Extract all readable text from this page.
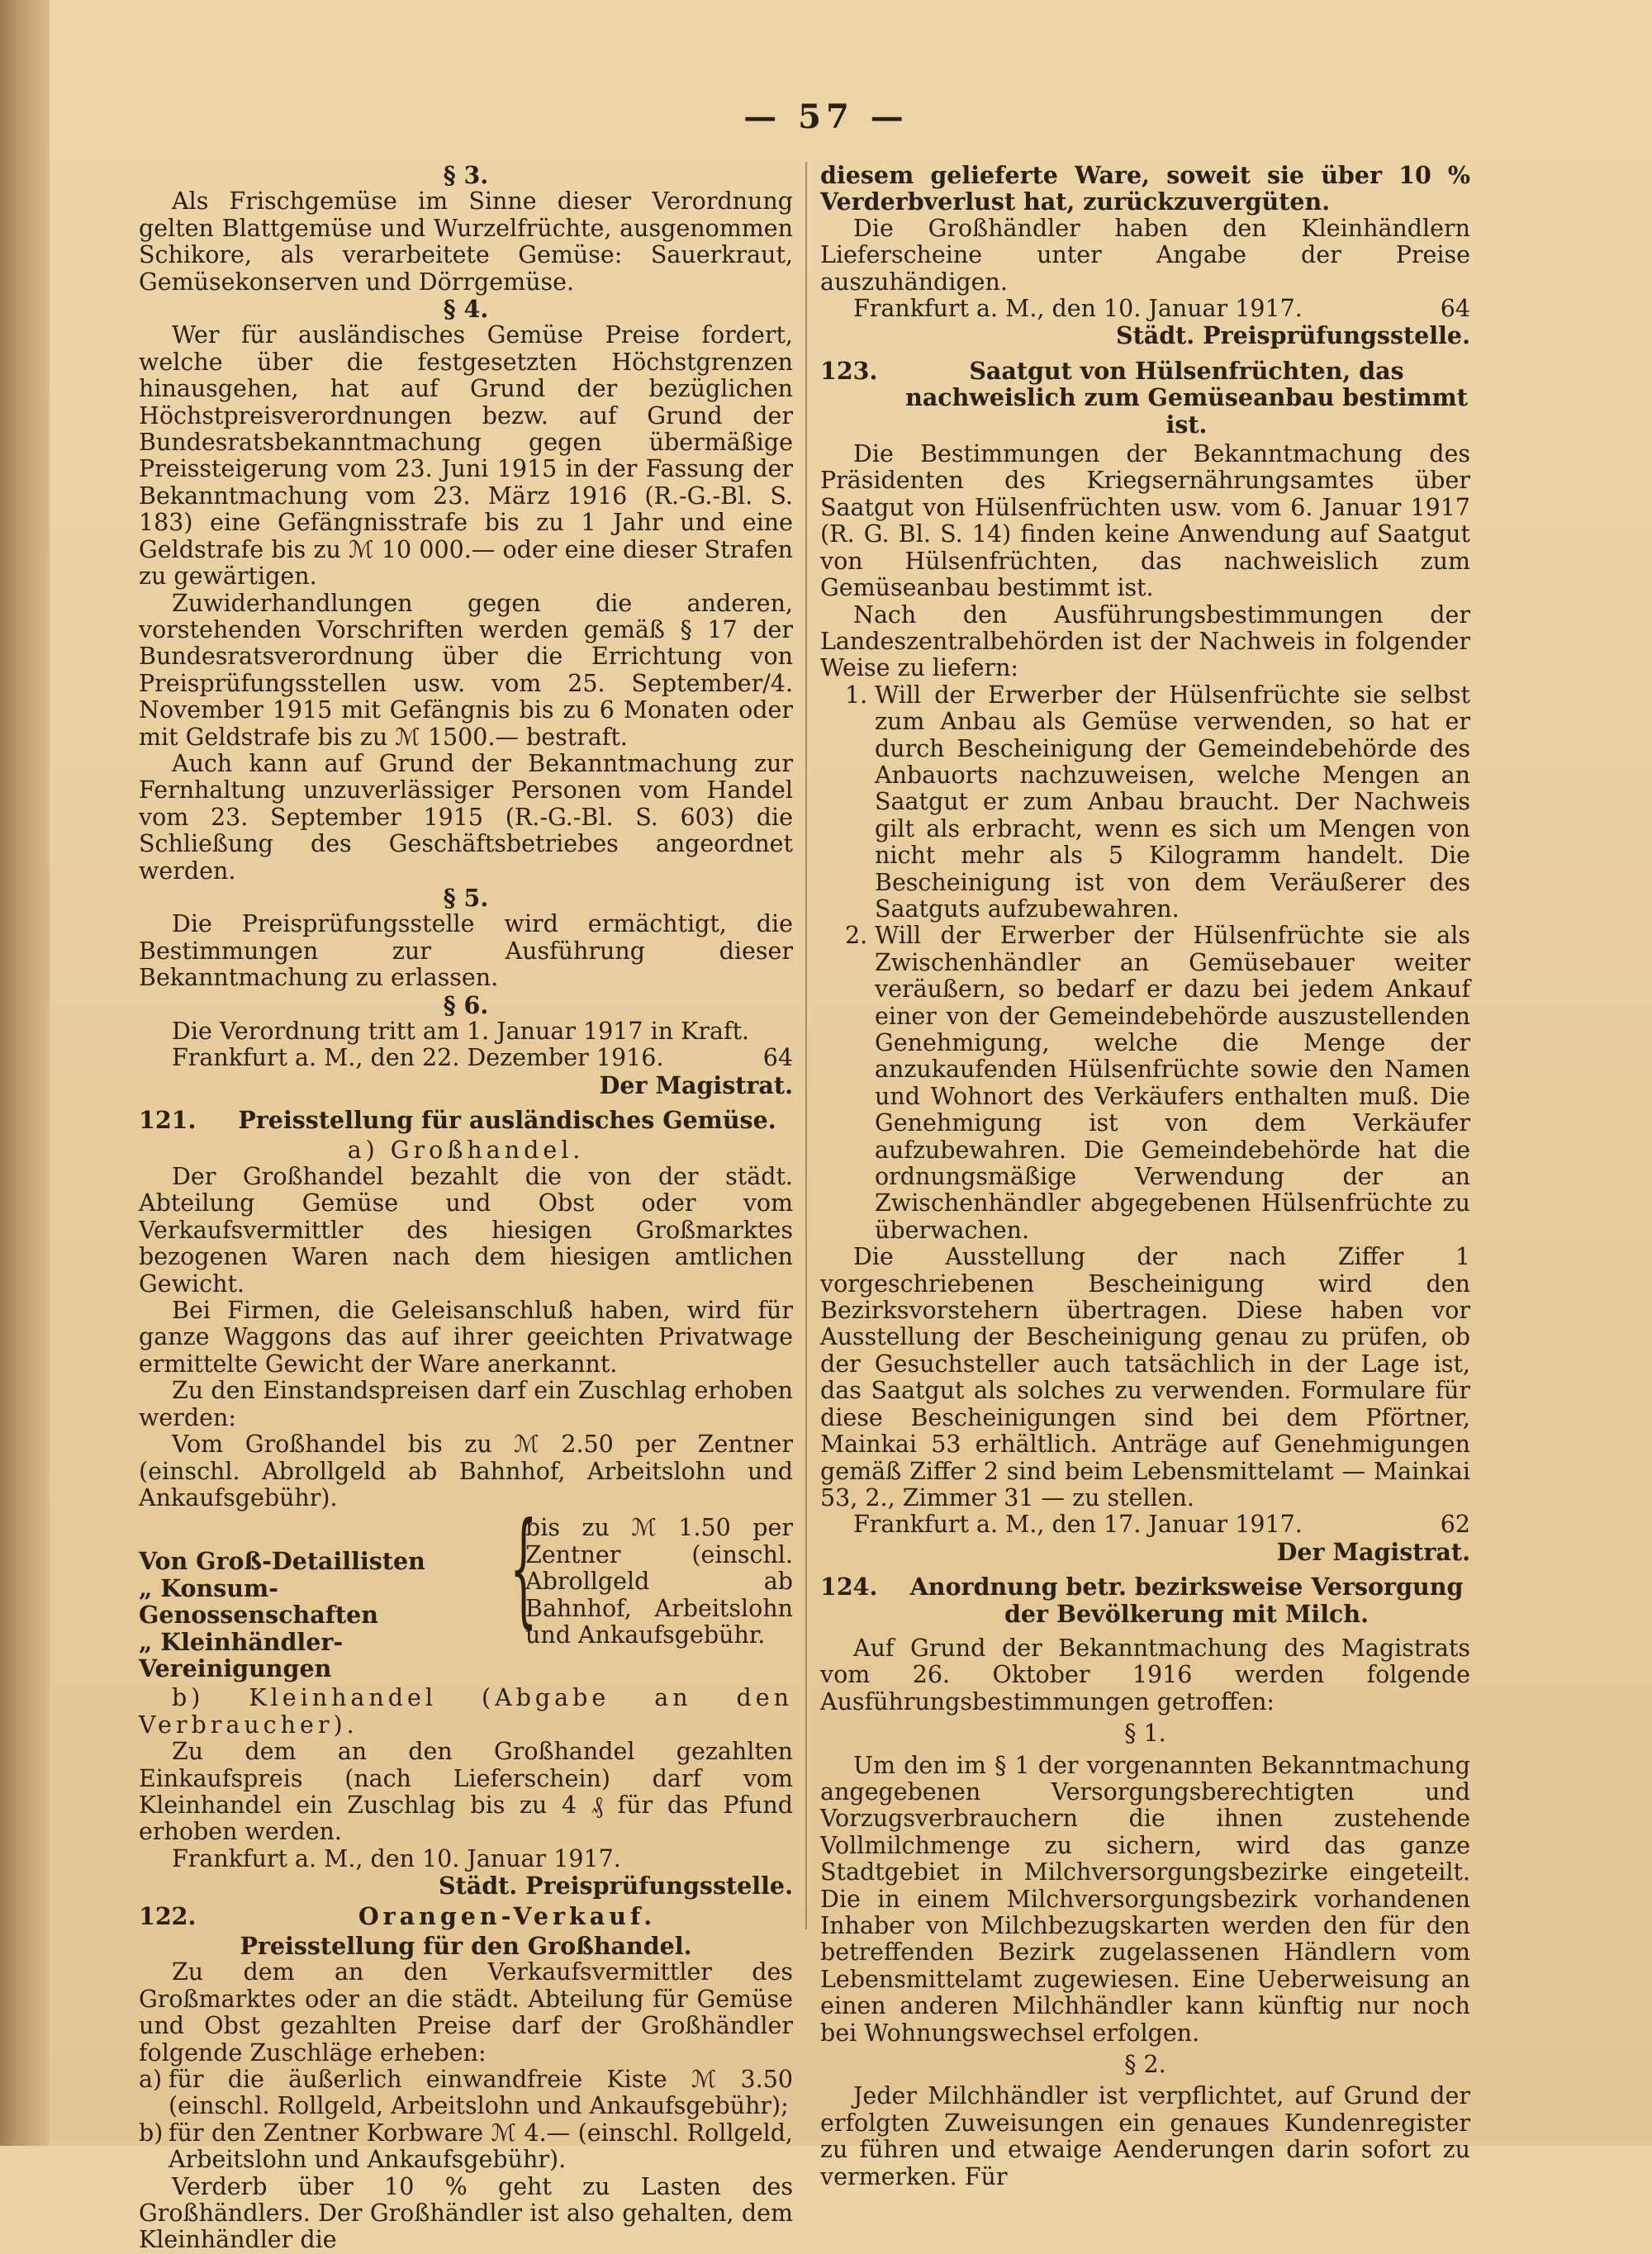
— 57 —

§ 3.

Als Frischgemüse im Sinne dieser Verordnung gelten Blattgemüse und Wurzelfrüchte, ausgenommen Schikore, als verarbeitete Gemüse: Sauerkraut, Gemüsekonserven und Dörrgemüse.

§ 4.

Wer für ausländisches Gemüse Preise fordert, welche über die festgesetzten Höchstgrenzen hinausgehen, hat auf Grund der bezüglichen Höchstpreisverordnungen bezw. auf Grund der Bundesratsbekanntmachung gegen übermäßige Preissteigerung vom 23. Juni 1915 in der Fassung der Bekanntmachung vom 23. März 1916 (R.-G.-Bl. S. 183) eine Gefängnisstrafe bis zu 1 Jahr und eine Geldstrafe bis zu ℳ 10 000.— oder eine dieser Strafen zu gewärtigen.

Zuwiderhandlungen gegen die anderen, vorstehenden Vorschriften werden gemäß § 17 der Bundesratsverordnung über die Errichtung von Preisprüfungsstellen usw. vom 25. September/4. November 1915 mit Gefängnis bis zu 6 Monaten oder mit Geldstrafe bis zu ℳ 1500.— bestraft.

Auch kann auf Grund der Bekanntmachung zur Fernhaltung unzuverlässiger Personen vom Handel vom 23. September 1915 (R.-G.-Bl. S. 603) die Schließung des Geschäftsbetriebes angeordnet werden.

§ 5.

Die Preisprüfungsstelle wird ermächtigt, die Bestimmungen zur Ausführung dieser Bekanntmachung zu erlassen.

§ 6.

Die Verordnung tritt am 1. Januar 1917 in Kraft.

Frankfurt a. M., den 22. Dezember 1916.	64

Der Magistrat.

121.	Preisstellung für ausländisches Gemüse.

a) Großhandel.

Der Großhandel bezahlt die von der städt. Abteilung Gemüse und Obst oder vom Verkaufsvermittler des hiesigen Großmarktes bezogenen Waren nach dem hiesigen amtlichen Gewicht.

Bei Firmen, die Geleisanschluß haben, wird für ganze Waggons das auf ihrer geeichten Privatwage ermittelte Gewicht der Ware anerkannt.

Zu den Einstandspreisen darf ein Zuschlag erhoben werden:

Vom Großhandel bis zu ℳ 2.50 per Zentner (einschl. Abrollgeld ab Bahnhof, Arbeitslohn und Ankaufsgebühr).

Von Groß-Detaillisten
„ Konsum-Genossenschaften
„ Kleinhändler-Vereinigungen
{
bis zu ℳ 1.50 per Zentner (einschl. Abrollgeld ab Bahnhof, Arbeitslohn und Ankaufsgebühr.

b) Kleinhandel (Abgabe an den Verbraucher).

Zu dem an den Großhandel gezahlten Einkaufspreis (nach Lieferschein) darf vom Kleinhandel ein Zuschlag bis zu 4 ₰ für das Pfund erhoben werden.

Frankfurt a. M., den 10. Januar 1917.

Städt. Preisprüfungsstelle.

122.	Orangen-Verkauf.

Preisstellung für den Großhandel.

Zu dem an den Verkaufsvermittler des Großmarktes oder an die städt. Abteilung für Gemüse und Obst gezahlten Preise darf der Großhändler folgende Zuschläge erheben:

a) für die äußerlich einwandfreie Kiste ℳ 3.50 (einschl. Rollgeld, Arbeitslohn und Ankaufsgebühr);
b) für den Zentner Korbware ℳ 4.— (einschl. Rollgeld, Arbeitslohn und Ankaufsgebühr).

Verderb über 10 % geht zu Lasten des Großhändlers. Der Großhändler ist also gehalten, dem Kleinhändler die

diesem gelieferte Ware, soweit sie über 10 % Verderbverlust hat, zurückzuvergüten.

Die Großhändler haben den Kleinhändlern Lieferscheine unter Angabe der Preise auszuhändigen.

Frankfurt a. M., den 10. Januar 1917.	64

Städt. Preisprüfungsstelle.

123.	Saatgut von Hülsenfrüchten, das nachweislich zum Gemüseanbau bestimmt ist.

Die Bestimmungen der Bekanntmachung des Präsidenten des Kriegsernährungsamtes über Saatgut von Hülsenfrüchten usw. vom 6. Januar 1917 (R. G. Bl. S. 14) finden keine Anwendung auf Saatgut von Hülsenfrüchten, das nachweislich zum Gemüseanbau bestimmt ist.

Nach den Ausführungsbestimmungen der Landeszentralbehörden ist der Nachweis in folgender Weise zu liefern:

1. Will der Erwerber der Hülsenfrüchte sie selbst zum Anbau als Gemüse verwenden, so hat er durch Bescheinigung der Gemeindebehörde des Anbauorts nachzuweisen, welche Mengen an Saatgut er zum Anbau braucht. Der Nachweis gilt als erbracht, wenn es sich um Mengen von nicht mehr als 5 Kilogramm handelt. Die Bescheinigung ist von dem Veräußerer des Saatguts aufzubewahren.
2. Will der Erwerber der Hülsenfrüchte sie als Zwischenhändler an Gemüsebauer weiter veräußern, so bedarf er dazu bei jedem Ankauf einer von der Gemeindebehörde auszustellenden Genehmigung, welche die Menge der anzukaufenden Hülsenfrüchte sowie den Namen und Wohnort des Verkäufers enthalten muß. Die Genehmigung ist von dem Verkäufer aufzubewahren. Die Gemeindebehörde hat die ordnungsmäßige Verwendung der an Zwischenhändler abgegebenen Hülsenfrüchte zu überwachen.

Die Ausstellung der nach Ziffer 1 vorgeschriebenen Bescheinigung wird den Bezirksvorstehern übertragen. Diese haben vor Ausstellung der Bescheinigung genau zu prüfen, ob der Gesuchsteller auch tatsächlich in der Lage ist, das Saatgut als solches zu verwenden. Formulare für diese Bescheinigungen sind bei dem Pförtner, Mainkai 53 erhältlich. Anträge auf Genehmigungen gemäß Ziffer 2 sind beim Lebensmittelamt — Mainkai 53, 2., Zimmer 31 — zu stellen.

Frankfurt a. M., den 17. Januar 1917.	62

Der Magistrat.

124.	Anordnung betr. bezirksweise Versorgung der Bevölkerung mit Milch.

Auf Grund der Bekanntmachung des Magistrats vom 26. Oktober 1916 werden folgende Ausführungsbestimmungen getroffen:

§ 1.

Um den im § 1 der vorgenannten Bekanntmachung angegebenen Versorgungsberechtigten und Vorzugsverbrauchern die ihnen zustehende Vollmilchmenge zu sichern, wird das ganze Stadtgebiet in Milchversorgungsbezirke eingeteilt. Die in einem Milchversorgungsbezirk vorhandenen Inhaber von Milchbezugskarten werden den für den betreffenden Bezirk zugelassenen Händlern vom Lebensmittelamt zugewiesen. Eine Ueberweisung an einen anderen Milchhändler kann künftig nur noch bei Wohnungswechsel erfolgen.

§ 2.

Jeder Milchhändler ist verpflichtet, auf Grund der erfolgten Zuweisungen ein genaues Kundenregister zu führen und etwaige Aenderungen darin sofort zu vermerken. Für
